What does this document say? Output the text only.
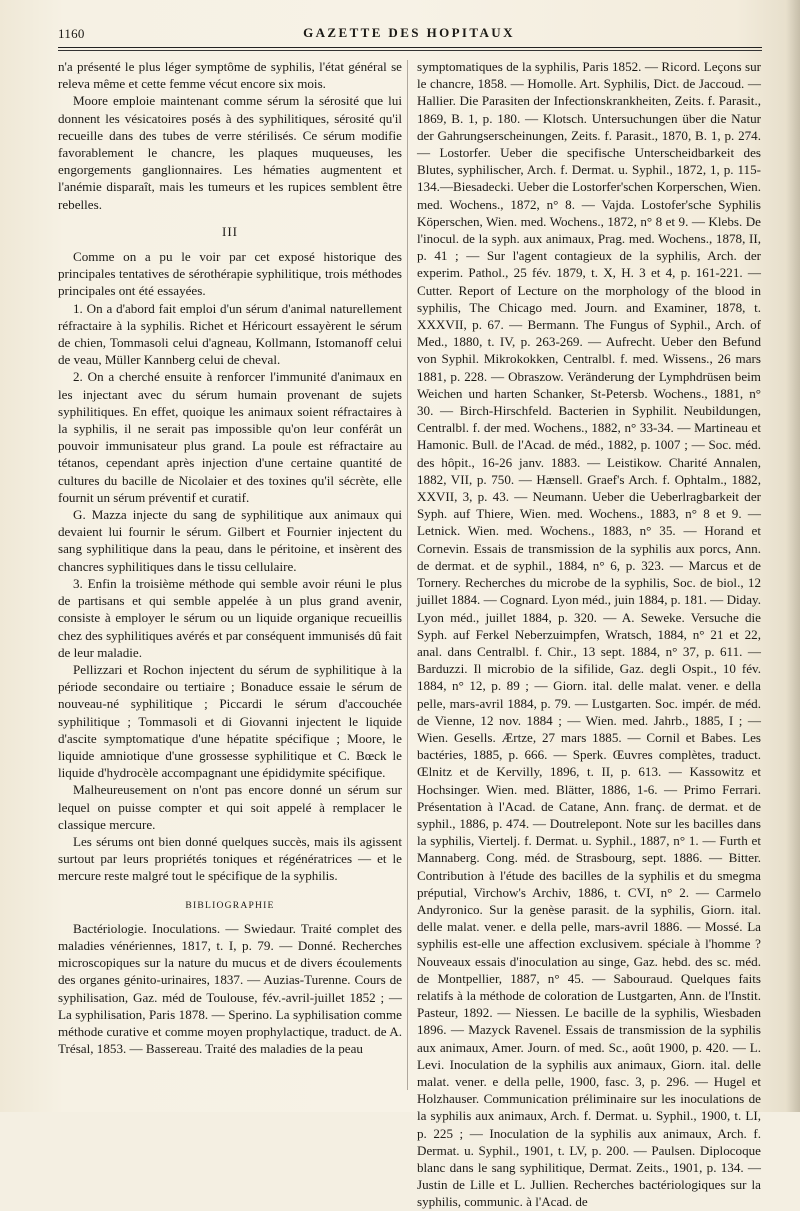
1160	GAZETTE DES HOPITAUX

n'a présenté le plus léger symptôme de syphilis, l'état général se releva même et cette femme vécut encore six mois.

Moore emploie maintenant comme sérum la sérosité que lui donnent les vésicatoires posés à des syphilitiques, sérosité qu'il recueille dans des tubes de verre stérilisés. Ce sérum modifie favorablement le chancre, les plaques muqueuses, les engorgements ganglionnaires. Les hématies augmentent et l'anémie disparaît, mais les tumeurs et les rupices semblent être rebelles.

III

Comme on a pu le voir par cet exposé historique des principales tentatives de sérothérapie syphilitique, trois méthodes principales ont été essayées.

1. On a d'abord fait emploi d'un sérum d'animal naturellement réfractaire à la syphilis. Richet et Héricourt essayèrent le sérum de chien, Tommasoli celui d'agneau, Kollmann, Istomanoff celui de veau, Müller Kannberg celui de cheval.

2. On a cherché ensuite à renforcer l'immunité d'animaux en les injectant avec du sérum humain provenant de sujets syphilitiques. En effet, quoique les animaux soient réfractaires à la syphilis, il ne serait pas impossible qu'on leur conférât un pouvoir immunisateur plus grand. La poule est réfractaire au tétanos, cependant après injection d'une certaine quantité de cultures du bacille de Nicolaier et des toxines qu'il sécrète, elle fournit un sérum préventif et curatif.

G. Mazza injecte du sang de syphilitique aux animaux qui devaient lui fournir le sérum. Gilbert et Fournier injectent du sang syphilitique dans la peau, dans le péritoine, et insèrent des chancres syphilitiques dans le tissu cellulaire.

3. Enfin la troisième méthode qui semble avoir réuni le plus de partisans et qui semble appelée à un plus grand avenir, consiste à employer le sérum ou un liquide organique recueillis chez des syphilitiques avérés et par conséquent immunisés dû fait de leur maladie.

Pellizzari et Rochon injectent du sérum de syphilitique à la période secondaire ou tertiaire ; Bonaduce essaie le sérum de nouveau-né syphilitique ; Piccardi le sérum d'accouchée syphilitique ; Tommasoli et di Giovanni injectent le liquide d'ascite symptomatique d'une hépatite spécifique ; Moore, le liquide amniotique d'une grossesse syphilitique et C. Bœck le liquide d'hydrocèle accompagnant une épididymite spécifique.

Malheureusement on n'ont pas encore donné un sérum sur lequel on puisse compter et qui soit appelé à remplacer le classique mercure.

Les sérums ont bien donné quelques succès, mais ils agissent surtout par leurs propriétés toniques et régénératrices — et le mercure reste malgré tout le spécifique de la syphilis.

BIBLIOGRAPHIE

Bactériologie. Inoculations. — Swiedaur. Traité complet des maladies vénériennes, 1817, t. I, p. 79. — Donné. Recherches microscopiques sur la nature du mucus et de divers écoulements des organes génito-urinaires, 1837. — Auzias-Turenne. Cours de syphilisation, Gaz. méd de Toulouse, fév.-avril-juillet 1852 ; — La syphilisation, Paris 1878. — Sperino. La syphilisation comme méthode curative et comme moyen prophylactique, traduct. de A. Trésal, 1853. — Bassereau. Traité des maladies de la peau

symptomatiques de la syphilis, Paris 1852. — Ricord. Leçons sur le chancre, 1858. — Homolle. Art. Syphilis, Dict. de Jaccoud. — Hallier. Die Parasiten der Infectionskrankheiten, Zeits. f. Parasit., 1869, B. 1, p. 180. — Klotsch. Untersuchungen über die Natur der Gahrungserscheinungen, Zeits. f. Parasit., 1870, B. 1, p. 274. — Lostorfer. Ueber die specifische Unterscheidbarkeit des Blutes, syphilischer, Arch. f. Dermat. u. Syphil., 1872, 1, p. 115-134.—Biesadecki. Ueber die Lostorfer'schen Korperschen, Wien. med. Wochens., 1872, n° 8. — Vajda. Lostofer'sche Syphilis Köperschen, Wien. med. Wochens., 1872, n° 8 et 9. — Klebs. De l'inocul. de la syph. aux animaux, Prag. med. Wochens., 1878, II, p. 41 ; — Sur l'agent contagieux de la syphilis, Arch. der experim. Pathol., 25 fév. 1879, t. X, H. 3 et 4, p. 161-221. — Cutter. Report of Lecture on the morphology of the blood in syphilis, The Chicago med. Journ. and Examiner, 1878, t. XXXVII, p. 67. — Bermann. The Fungus of Syphil., Arch. of Med., 1880, t. IV, p. 263-269. — Aufrecht. Ueber den Befund von Syphil. Mikrokokken, Centralbl. f. med. Wissens., 26 mars 1881, p. 228. — Obraszow. Veränderung der Lymphdrüsen beim Weichen und harten Schanker, St-Petersb. Wochens., 1881, n° 30. — Birch-Hirschfeld. Bacterien in Syphilit. Neubildungen, Centralbl. f. der med. Wochens., 1882, n° 33-34. — Martineau et Hamonic. Bull. de l'Acad. de méd., 1882, p. 1007 ; — Soc. méd. des hôpit., 16-26 janv. 1883. — Leistikow. Charité Annalen, 1882, VII, p. 750. — Hænsell. Graef's Arch. f. Ophtalm., 1882, XXVII, 3, p. 43. — Neumann. Ueber die Ueberlragbarkeit der Syph. auf Thiere, Wien. med. Wochens., 1883, n° 8 et 9. — Letnick. Wien. med. Wochens., 1883, n° 35. — Horand et Cornevin. Essais de transmission de la syphilis aux porcs, Ann. de dermat. et de syphil., 1884, n° 6, p. 323. — Marcus et de Tornery. Recherches du microbe de la syphilis, Soc. de biol., 12 juillet 1884. — Cognard. Lyon méd., juin 1884, p. 181. — Diday. Lyon méd., juillet 1884, p. 320. — A. Seweke. Versuche die Syph. auf Ferkel Neberzuimpfen, Wratsch, 1884, n° 21 et 22, anal. dans Centralbl. f. Chir., 13 sept. 1884, n° 37, p. 611. — Barduzzi. Il microbio de la sifilide, Gaz. degli Ospit., 10 fév. 1884, n° 12, p. 89 ; — Giorn. ital. delle malat. vener. e della pelle, mars-avril 1884, p. 79. — Lustgarten. Soc. impér. de méd. de Vienne, 12 nov. 1884 ; — Wien. med. Jahrb., 1885, I ; — Wien. Gesells. Ærtze, 27 mars 1885. — Cornil et Babes. Les bactéries, 1885, p. 666. — Sperk. Œuvres complètes, traduct. Œlnitz et de Kervilly, 1896, t. II, p. 613. — Kassowitz et Hochsinger. Wien. med. Blätter, 1886, 1-6. — Primo Ferrari. Présentation à l'Acad. de Catane, Ann. franç. de dermat. et de syphil., 1886, p. 474. — Doutrelepont. Note sur les bacilles dans la syphilis, Viertelj. f. Dermat. u. Syphil., 1887, n° 1. — Furth et Mannaberg. Cong. méd. de Strasbourg, sept. 1886. — Bitter. Contribution à l'étude des bacilles de la syphilis et du smegma préputial, Virchow's Archiv, 1886, t. CVI, n° 2. — Carmelo Andyronico. Sur la genèse parasit. de la syphilis, Giorn. ital. delle malat. vener. e della pelle, mars-avril 1886. — Mossé. La syphilis est-elle une affection exclusivem. spéciale à l'homme ? Nouveaux essais d'inoculation au singe, Gaz. hebd. des sc. méd. de Montpellier, 1887, n° 45. — Sabouraud. Quelques faits relatifs à la méthode de coloration de Lustgarten, Ann. de l'Instit. Pasteur, 1892. — Niessen. Le bacille de la syphilis, Wiesbaden 1896. — Mazyck Ravenel. Essais de transmission de la syphilis aux animaux, Amer. Journ. of med. Sc., août 1900, p. 420. — L. Levi. Inoculation de la syphilis aux animaux, Giorn. ital. delle malat. vener. e della pelle, 1900, fasc. 3, p. 296. — Hugel et Holzhauser. Communication préliminaire sur les inoculations de la syphilis aux animaux, Arch. f. Dermat. u. Syphil., 1900, t. LI, p. 225 ; — Inoculation de la syphilis aux animaux, Arch. f. Dermat. u. Syphil., 1901, t. LV, p. 200. — Paulsen. Diplocoque blanc dans le sang syphilitique, Dermat. Zeits., 1901, p. 134. — Justin de Lille et L. Jullien. Recherches bactériologiques sur la syphilis, communic. à l'Acad. de
